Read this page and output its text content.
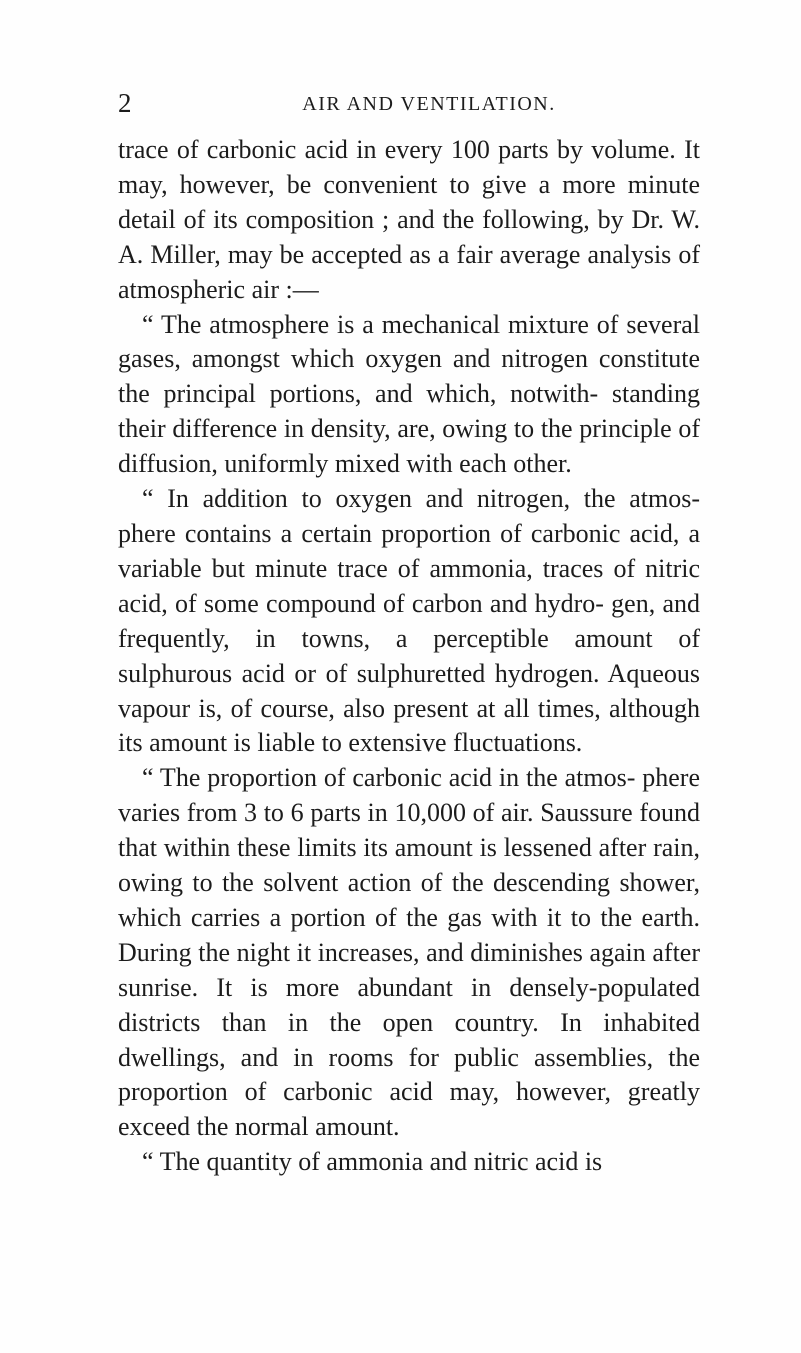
2	AIR AND VENTILATION.

trace of carbonic acid in every 100 parts by volume. It may, however, be convenient to give a more minute detail of its composition ; and the following, by Dr. W. A. Miller, may be accepted as a fair average analysis of atmospheric air :—

“ The atmosphere is a mechanical mixture of several gases, amongst which oxygen and nitrogen constitute the principal portions, and which, notwith- standing their difference in density, are, owing to the principle of diffusion, uniformly mixed with each other.

“ In addition to oxygen and nitrogen, the atmos- phere contains a certain proportion of carbonic acid, a variable but minute trace of ammonia, traces of nitric acid, of some compound of carbon and hydro- gen, and frequently, in towns, a perceptible amount of sulphurous acid or of sulphuretted hydrogen. Aqueous vapour is, of course, also present at all times, although its amount is liable to extensive fluctuations.

“ The proportion of carbonic acid in the atmos- phere varies from 3 to 6 parts in 10,000 of air. Saussure found that within these limits its amount is lessened after rain, owing to the solvent action of the descending shower, which carries a portion of the gas with it to the earth. During the night it increases, and diminishes again after sunrise. It is more abundant in densely-populated districts than in the open country. In inhabited dwellings, and in rooms for public assemblies, the proportion of carbonic acid may, however, greatly exceed the normal amount.

“ The quantity of ammonia and nitric acid is
